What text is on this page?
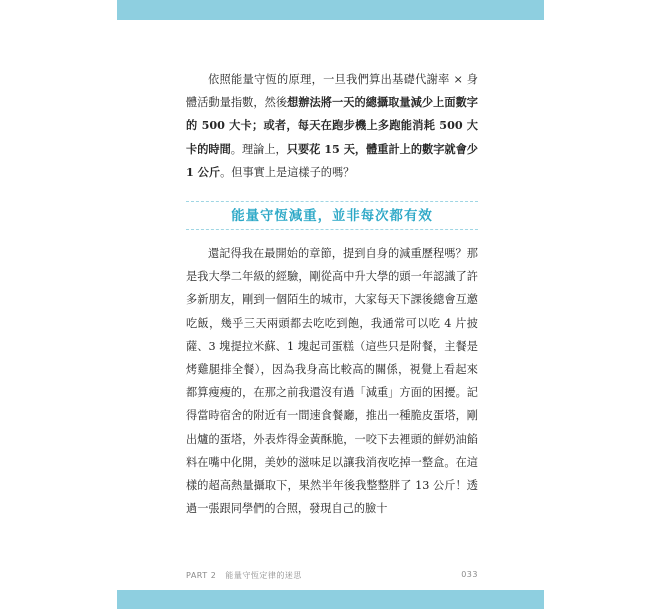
依照能量守恆的原理，一旦我們算出基礎代謝率 × 身體活動量指數，然後想辦法將一天的總攝取量減少上面數字的 500 大卡；或者，每天在跑步機上多跑能消耗 500 大卡的時間。理論上，只要花 15 天，體重計上的數字就會少 1 公斤。但事實上是這樣子的嗎？

能量守恆減重，並非每次都有效

還記得我在最開始的章節，提到自身的減重歷程嗎？那是我大學二年級的經驗，剛從高中升大學的頭一年認識了許多新朋友，剛到一個陌生的城市，大家每天下課後總會互邀吃飯，幾乎三天兩頭都去吃吃到飽，我通常可以吃 4 片披薩、3 塊提拉米蘇、1 塊起司蛋糕（這些只是附餐，主餐是烤雞腿排全餐），因為我身高比較高的關係，視覺上看起來都算瘦瘦的，在那之前我還沒有過「減重」方面的困擾。記得當時宿舍的附近有一間速食餐廳，推出一種脆皮蛋塔，剛出爐的蛋塔，外表炸得金黃酥脆，一咬下去裡頭的鮮奶油餡料在嘴中化開，美妙的滋味足以讓我消夜吃掉一整盒。在這樣的超高熱量攝取下，果然半年後我整整胖了 13 公斤！透過一張跟同學們的合照，發現自己的臉十

PART 2 能量守恆定律的迷思	033
